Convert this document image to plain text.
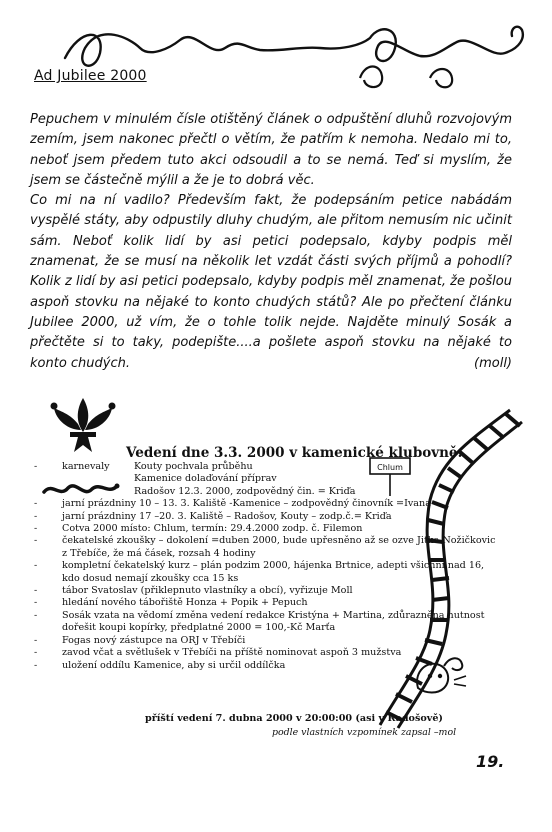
Ad Jubilee 2000

Pepuchem v minulém čísle otištěný článek o odpuštění dluhů rozvojovým zemím, jsem nakonec přečtl o větím, že patřím k nemoha. Nedalo mi to, neboť jsem předem tuto akci odsoudil a to se nemá. Teď si myslím, že jsem se částečně mýlil a že je to dobrá věc.

Co mi na ní vadilo? Především fakt, že podepsáním petice nabádám vyspělé státy, aby odpustily dluhy chudým, ale přitom nemusím nic učinit sám. Neboť kolik lidí by asi petici podepsalo, kdyby podpis měl znamenat, že se musí na několik let vzdát části svých příjmů a pohodlí? Kolik z lidí by asi petici podepsalo, kdyby podpis měl znamenat, že pošlou aspoň stovku na nějaké to konto chudých států? Ale po přečtení článku Jubilee 2000, už vím, že o tohle tolik nejde. Najděte minulý Sosák a přečtěte si to taky, podepište....a pošlete aspoň stovku na nějaké to konto chudých.	(moll)

Chlum
Vedení dne 3.3. 2000 v kamenické klubovně:
- karnevaly	Kouty pochvala průběhu
Kamenice dolaďování příprav
Radošov 12.3. 2000, zodpovědný čin. = Kriďa
- jarní prázdniny 10 – 13. 3. Kaliště -Kamenice – zodpovědný činovník =Ivana
- jarní prázdniny 17 –20. 3. Kaliště – Radošov, Kouty – zodp.č.= Kriďa
- Cotva 2000 místo: Chlum, termín: 29.4.2000 zodp. č. Filemon
- čekatelské zkoušky – dokolení =duben 2000, bude upřesněno až se ozve Jitka Nožičkovic z Třebíče, že má čásek, rozsah 4 hodiny
- kompletní čekatelský kurz – plán podzim 2000, hájenka Brtnice, adepti všichni nad 16, kdo dosud nemají zkoušky cca 15 ks
- tábor Svatoslav (přiklepnuto vlastníky a obcí), vyřizuje Moll
- hledání nového tábořiště Honza + Popik + Pepuch
- Sosák vzata na vědomí změna vedení redakce Kristýna + Martina, zdůrazněna nutnost dořešit koupi kopírky, předplatné 2000 = 100,-Kč Marťa
- Fogas nový zástupce na ORJ v Třebíči
- zavod včat a světlušek v Třebíči na příště nominovat aspoň 3 mužstva
- uložení oddílu Kamenice, aby si určil oddílčka
příští vedení 7. dubna 2000 v 20:00:00 (asi v Radošově)
podle vlastních vzpomínek zapsal –mol
19.
